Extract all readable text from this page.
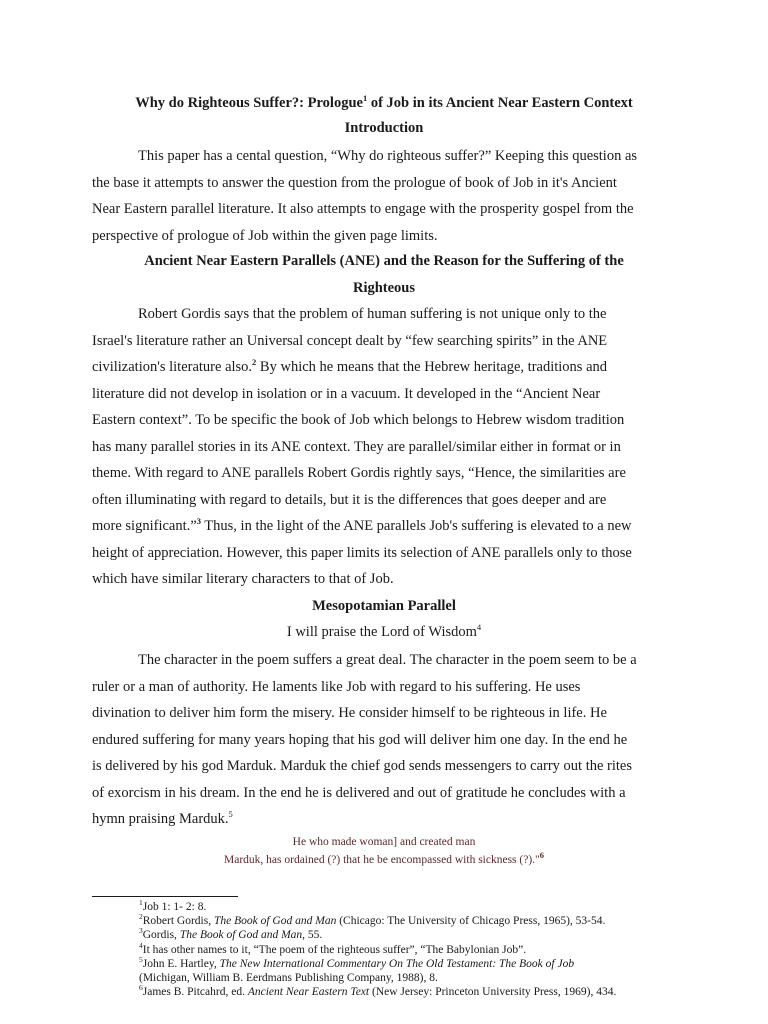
Why do Righteous Suffer?: Prologue$^1$ of Job in its Ancient Near Eastern Context
Introduction
This paper has a cental question, “Why do righteous suffer?” Keeping this question as
the base it attempts to answer the question from the prologue of book of Job in it's Ancient
Near Eastern parallel literature. It also attempts to engage with the prosperity gospel from the
perspective of prologue of Job within the given page limits.
Ancient Near Eastern Parallels (ANE) and the Reason for the Suffering of the
Righteous
Robert Gordis says that the problem of human suffering is not unique only to the
Israel's literature rather an Universal concept dealt by “few searching spirits” in the ANE
civilization's literature also.$^2$ By which he means that the Hebrew heritage, traditions and
literature did not develop in isolation or in a vacuum. It developed in the “Ancient Near
Eastern context”. To be specific the book of Job which belongs to Hebrew wisdom tradition
has many parallel stories in its ANE context. They are parallel/similar either in format or in
theme. With regard to ANE parallels Robert Gordis rightly says, “Hence, the similarities are
often illuminating with regard to details, but it is the differences that goes deeper and are
more significant.”$^3$ Thus, in the light of the ANE parallels Job's suffering is elevated to a new
height of appreciation. However, this paper limits its selection of ANE parallels only to those
which have similar literary characters to that of Job.
Mesopotamian Parallel
I will praise the Lord of Wisdom$^4$
The character in the poem suffers a great deal. The character in the poem seem to be a
ruler or a man of authority. He laments like Job with regard to his suffering. He uses
divination to deliver him form the misery. He consider himself to be righteous in life. He
endured suffering for many years hoping that his god will deliver him one day. In the end he
is delivered by his god Marduk. Marduk the chief god sends messengers to carry out the rites
of exorcism in his dream. In the end he is delivered and out of gratitude he concludes with a
hymn praising Marduk.$^5$
He who made woman] and created man
Marduk, has ordained (?) that he be encompassed with sickness (?)."$^6$
$^1$Job 1: 1- 2: 8.
$^2$Robert Gordis, The Book of God and Man (Chicago: The University of Chicago Press, 1965), 53-54.
$^3$Gordis, The Book of God and Man, 55.
$^4$It has other names to it, “The poem of the righteous suffer”, “The Babylonian Job”.
$^5$John E. Hartley, The New International Commentary On The Old Testament: The Book of Job
(Michigan, William B. Eerdmans Publishing Company, 1988), 8.
$^6$James B. Pitcahrd, ed. Ancient Near Eastern Text (New Jersey: Princeton University Press, 1969), 434.
